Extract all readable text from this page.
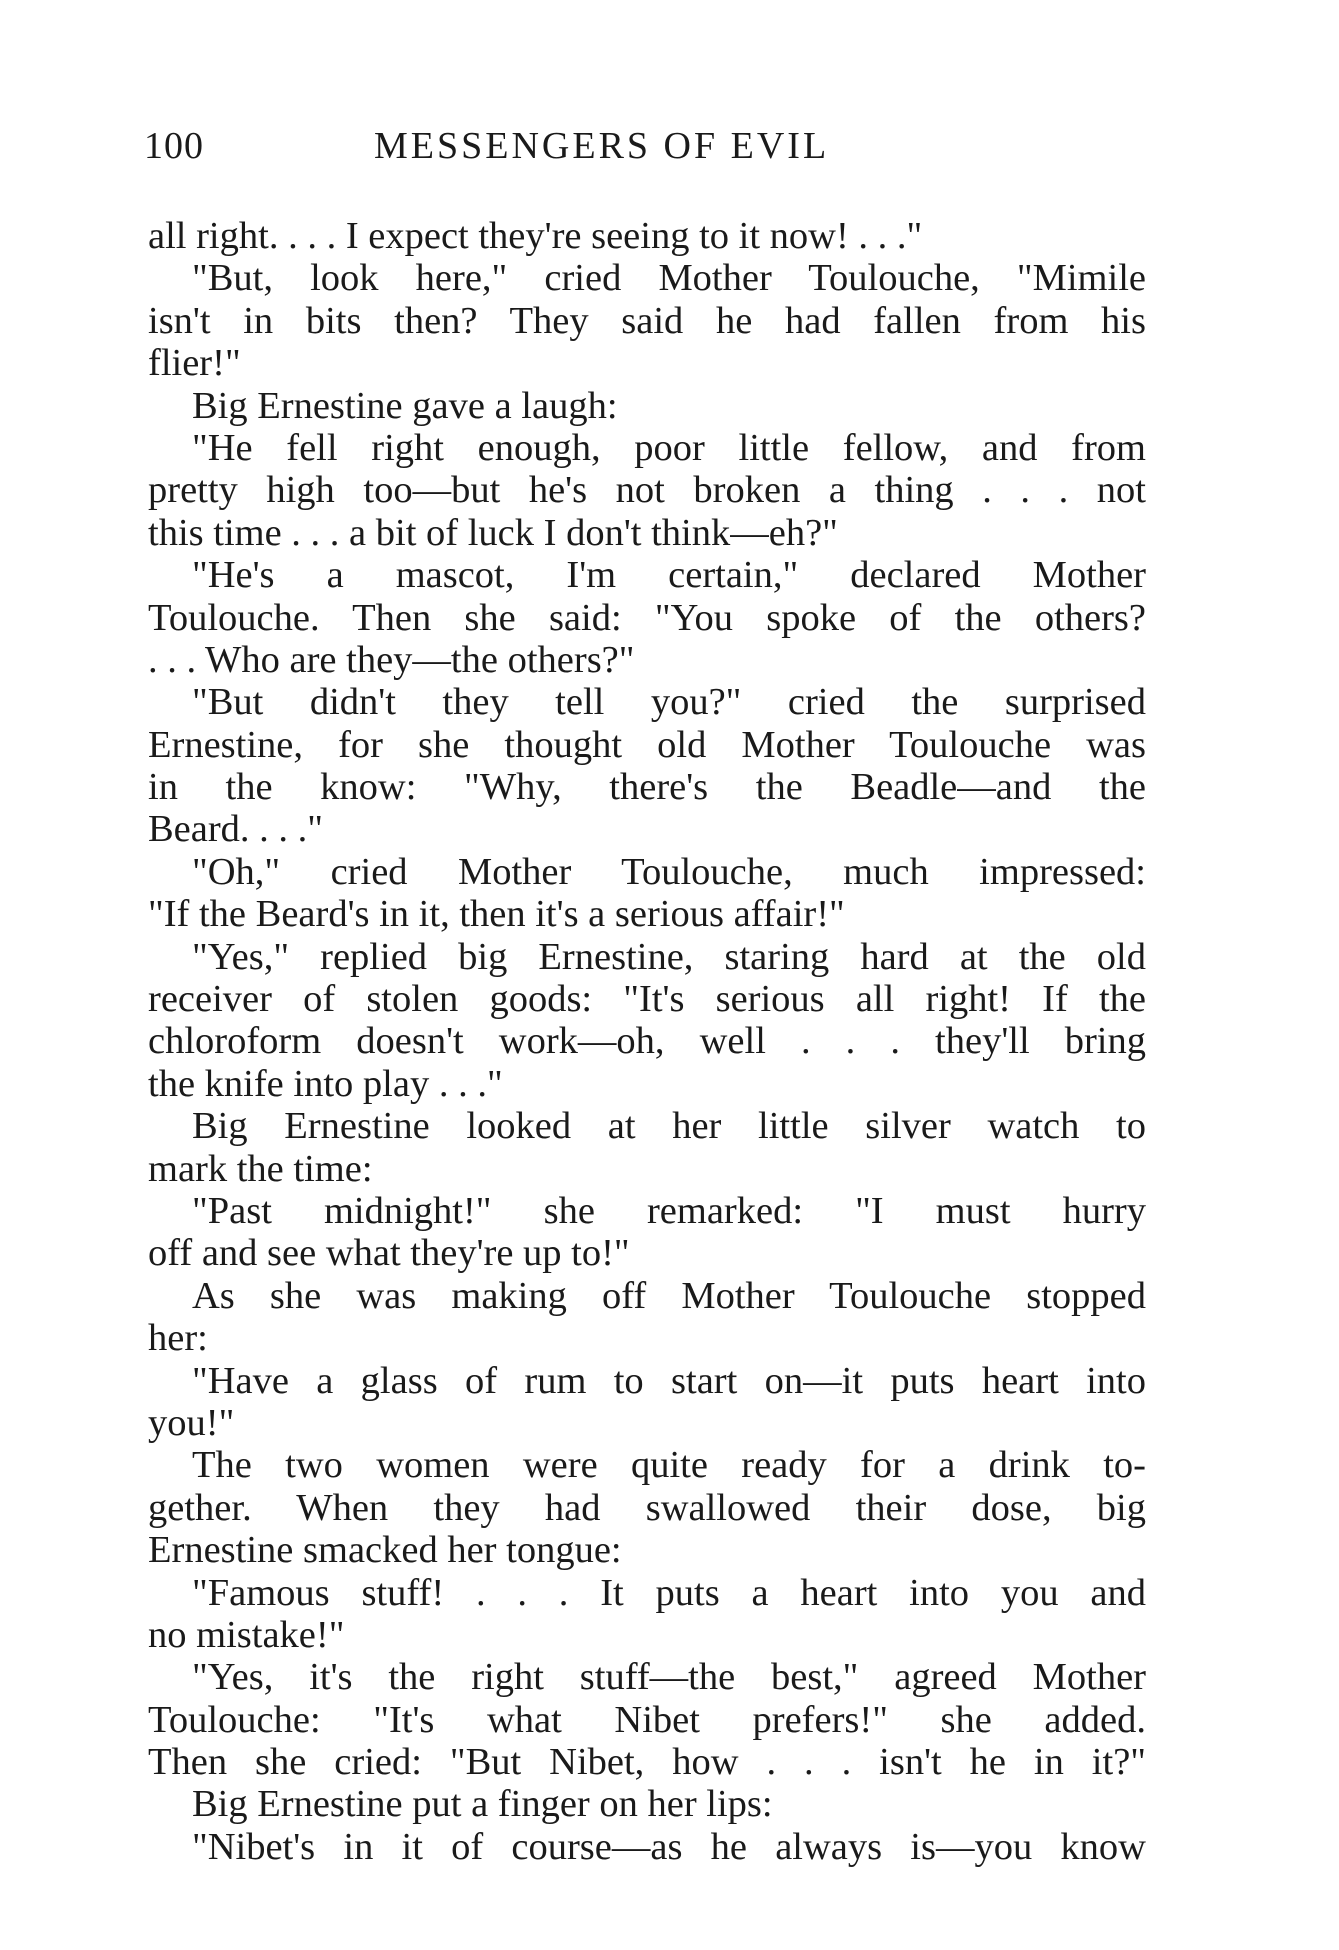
100	MESSENGERS OF EVIL
all right. . . . I expect they're seeing to it now! . . ."
"But, look here," cried Mother Toulouche, "Mimile
isn't in bits then? They said he had fallen from his
flier!"
Big Ernestine gave a laugh:
"He fell right enough, poor little fellow, and from
pretty high too—but he's not broken a thing . . . not
this time . . . a bit of luck I don't think—eh?"
"He's a mascot, I'm certain," declared Mother
Toulouche. Then she said: "You spoke of the others?
. . . Who are they—the others?"
"But didn't they tell you?" cried the surprised
Ernestine, for she thought old Mother Toulouche was
in the know: "Why, there's the Beadle—and the
Beard. . . ."
"Oh," cried Mother Toulouche, much impressed:
"If the Beard's in it, then it's a serious affair!"
"Yes," replied big Ernestine, staring hard at the old
receiver of stolen goods: "It's serious all right! If the
chloroform doesn't work—oh, well . . . they'll bring
the knife into play . . ."
Big Ernestine looked at her little silver watch to
mark the time:
"Past midnight!" she remarked: "I must hurry
off and see what they're up to!"
As she was making off Mother Toulouche stopped
her:
"Have a glass of rum to start on—it puts heart into
you!"
The two women were quite ready for a drink to-
gether. When they had swallowed their dose, big
Ernestine smacked her tongue:
"Famous stuff! . . . It puts a heart into you and
no mistake!"
"Yes, it's the right stuff—the best," agreed Mother
Toulouche: "It's what Nibet prefers!" she added.
Then she cried: "But Nibet, how . . . isn't he in it?"
Big Ernestine put a finger on her lips:
"Nibet's in it of course—as he always is—you know
